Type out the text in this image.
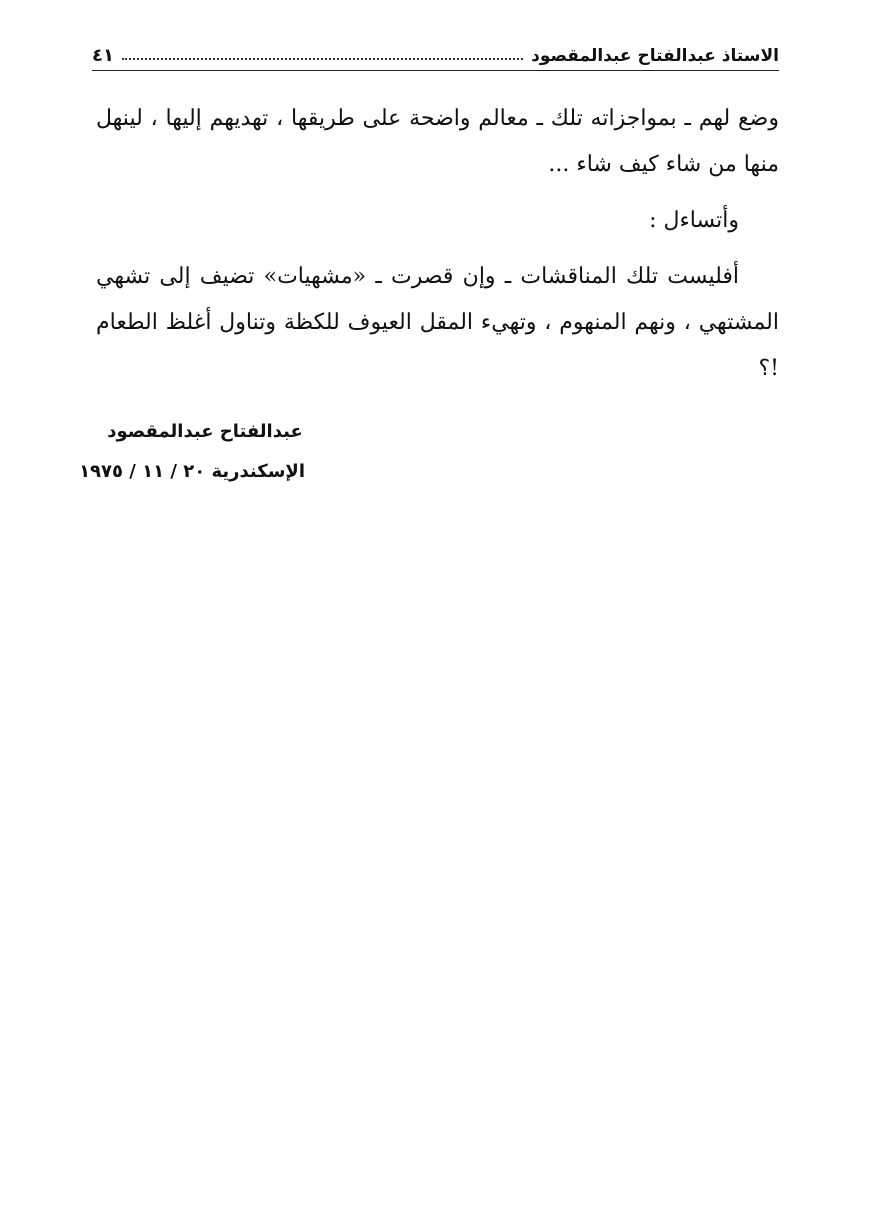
الاستاذ عبدالفتاح عبدالمقصود
٤١

وضع لهم ـ بمواجزاته تلك ـ معالم واضحة على طريقها ، تهديهم إليها ، لينهل منها من شاء كيف شاء ...

وأتساءل :

أفليست تلك المناقشات ـ وإن قصرت ـ «مشهيات» تضيف إلى تشهي المشتهي ، ونهم المنهوم ، وتهيء المقل العيوف للكظة وتناول أغلظ الطعام !؟

عبدالفتاح عبدالمقصود
الإسكندرية ٢٠ / ١١ / ١٩٧٥
